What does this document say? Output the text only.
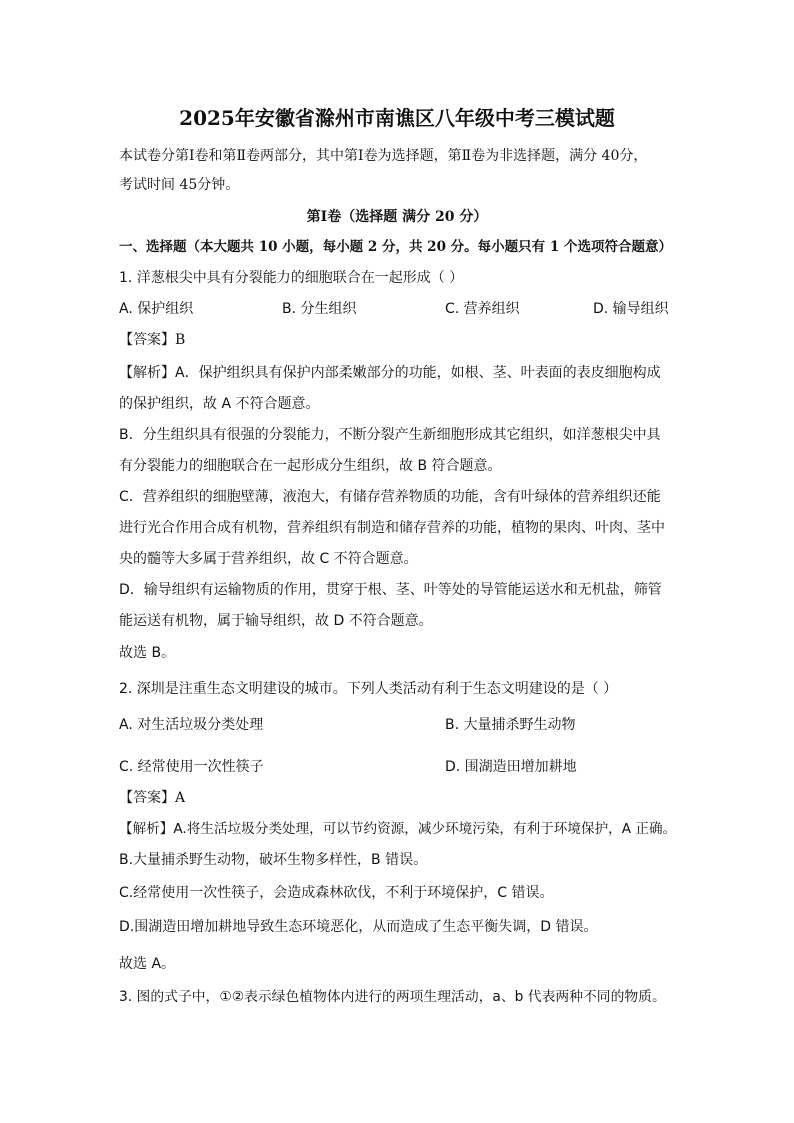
2025年安徽省滁州市南谯区八年级中考三模试题
本试卷分第Ⅰ卷和第Ⅱ卷两部分，其中第Ⅰ卷为选择题，第Ⅱ卷为非选择题，满分 40分，
考试时间 45分钟。
第Ⅰ卷（选择题 满分 20 分）
一、选择题（本大题共 10 小题，每小题 2 分，共 20 分。每小题只有 1 个选项符合题意）
1. 洋葱根尖中具有分裂能力的细胞联合在一起形成（ ）
A. 保护组织	B. 分生组织	C. 营养组织	D. 输导组织
【答案】B
【解析】A．保护组织具有保护内部柔嫩部分的功能，如根、茎、叶表面的表皮细胞构成
的保护组织，故 A 不符合题意。
B．分生组织具有很强的分裂能力，不断分裂产生新细胞形成其它组织，如洋葱根尖中具
有分裂能力的细胞联合在一起形成分生组织，故 B 符合题意。
C．营养组织的细胞壁薄，液泡大，有储存营养物质的功能，含有叶绿体的营养组织还能
进行光合作用合成有机物，营养组织有制造和储存营养的功能，植物的果肉、叶肉、茎中
央的髓等大多属于营养组织，故 C 不符合题意。
D．输导组织有运输物质的作用，贯穿于根、茎、叶等处的导管能运送水和无机盐，筛管
能运送有机物，属于输导组织，故 D 不符合题意。
故选 B。
2. 深圳是注重生态文明建设的城市。下列人类活动有利于生态文明建设的是（ ）
A. 对生活垃圾分类处理	B. 大量捕杀野生动物
C. 经常使用一次性筷子	D. 围湖造田增加耕地
【答案】A
【解析】A.将生活垃圾分类处理，可以节约资源，减少环境污染，有利于环境保护，A 正确。
B.大量捕杀野生动物，破坏生物多样性，B 错误。
C.经常使用一次性筷子，会造成森林砍伐，不利于环境保护，C 错误。
D.围湖造田增加耕地导致生态环境恶化，从而造成了生态平衡失调，D 错误。
故选 A。
3. 图的式子中，①②表示绿色植物体内进行的两项生理活动，a、b 代表两种不同的物质。
